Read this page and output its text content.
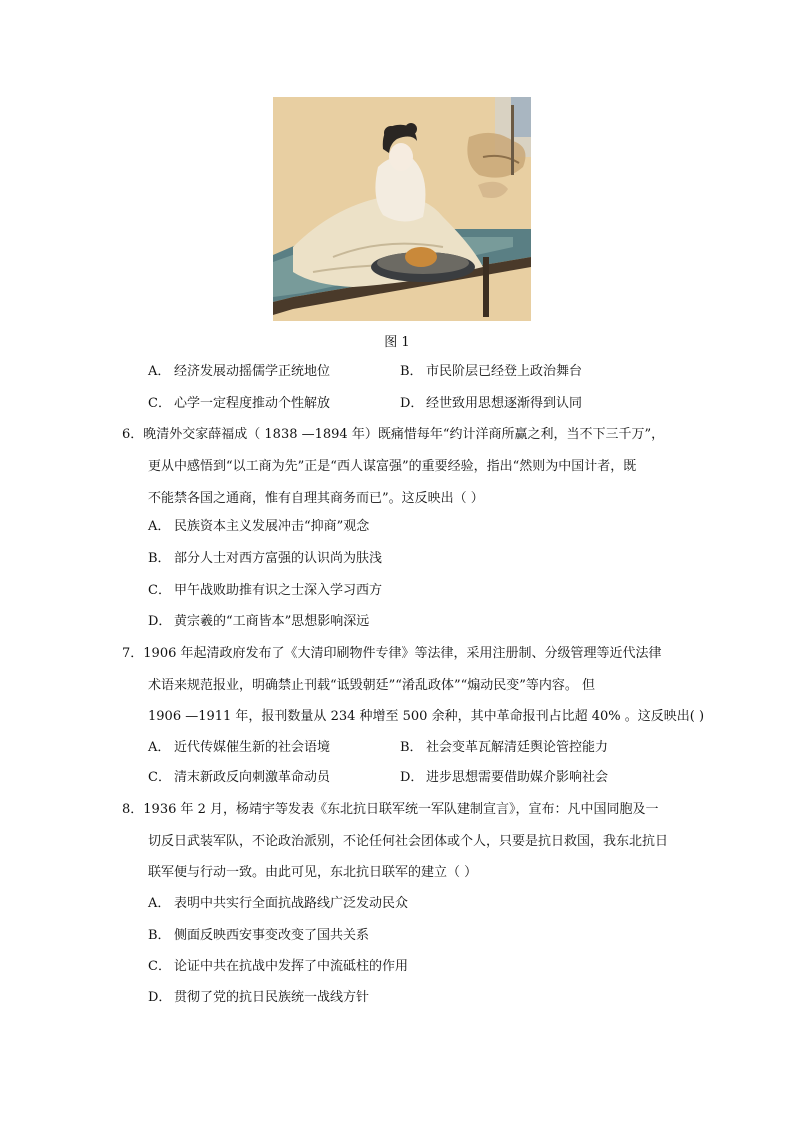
图 1
A． 经济发展动摇儒学正统地位	B． 市民阶层已经登上政治舞台
C． 心学一定程度推动个性解放	D． 经世致用思想逐渐得到认同
6．晚清外交家薛福成（ 1838 —1894 年）既痛惜每年“约计洋商所赢之利，当不下三千万”，
更从中感悟到“以工商为先”正是“西人谋富强”的重要经验，指出“然则为中国计者，既
不能禁各国之通商，惟有自理其商务而已”。这反映出（ ）
A． 民族资本主义发展冲击“抑商”观念
B． 部分人士对西方富强的认识尚为肤浅
C． 甲午战败助推有识之士深入学习西方
D． 黄宗羲的“工商皆本”思想影响深远
7．1906 年起清政府发布了《大清印刷物件专律》等法律，采用注册制、分级管理等近代法律
术语来规范报业，明确禁止刊载“诋毁朝廷”“淆乱政体”“煽动民变”等内容。 但
1906 —1911 年，报刊数量从 234 种增至 500 余种，其中革命报刊占比超 40% 。这反映出( )
A． 近代传媒催生新的社会语境	B． 社会变革瓦解清廷舆论管控能力
C． 清末新政反向刺激革命动员	D． 进步思想需要借助媒介影响社会
8．1936 年 2 月，杨靖宇等发表《东北抗日联军统一军队建制宣言》，宣布：凡中国同胞及一
切反日武装军队，不论政治派别，不论任何社会团体或个人，只要是抗日救国，我东北抗日
联军便与行动一致。由此可见，东北抗日联军的建立（ ）
A． 表明中共实行全面抗战路线广泛发动民众
B． 侧面反映西安事变改变了国共关系
C． 论证中共在抗战中发挥了中流砥柱的作用
D． 贯彻了党的抗日民族统一战线方针
